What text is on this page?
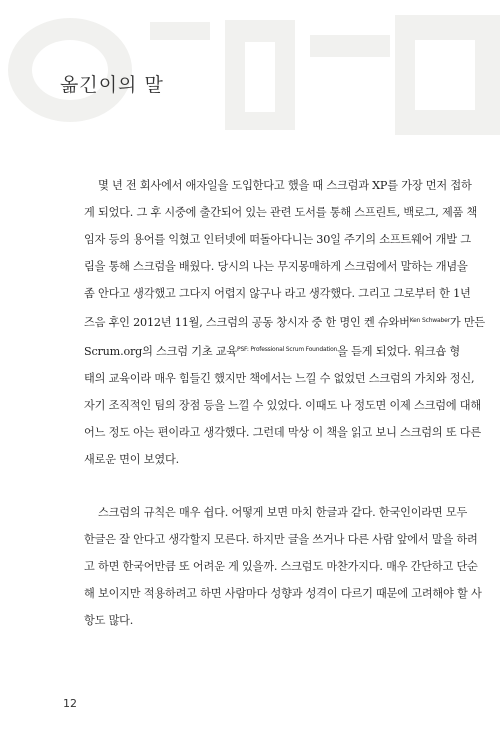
옮긴이의 말

몇 년 전 회사에서 애자일을 도입한다고 했을 때 스크럼과 XP를 가장 먼저 접하
게 되었다. 그 후 시중에 출간되어 있는 관련 도서를 통해 스프린트, 백로그, 제품 책
임자 등의 용어를 익혔고 인터넷에 떠돌아다니는 30일 주기의 소프트웨어 개발 그
림을 통해 스크럼을 배웠다. 당시의 나는 무지몽매하게 스크럼에서 말하는 개념을
좀 안다고 생각했고 그다지 어렵지 않구나 라고 생각했다. 그리고 그로부터 한 1년
즈음 후인 2012년 11월, 스크럼의 공동 창시자 중 한 명인 켄 슈와버$^{Ken Schwaber}$가 만든
Scrum.org의 스크럼 기초 교육$^{PSF: Professional Scrum Foundation}$을 듣게 되었다. 워크숍 형
태의 교육이라 매우 힘들긴 했지만 책에서는 느낄 수 없었던 스크럼의 가치와 정신,
자기 조직적인 팀의 장점 등을 느낄 수 있었다. 이때도 나 정도면 이제 스크럼에 대해
어느 정도 아는 편이라고 생각했다. 그런데 막상 이 책을 읽고 보니 스크럼의 또 다른
새로운 면이 보였다.

스크럼의 규칙은 매우 쉽다. 어떻게 보면 마치 한글과 같다. 한국인이라면 모두
한글은 잘 안다고 생각할지 모른다. 하지만 글을 쓰거나 다른 사람 앞에서 말을 하려
고 하면 한국어만큼 또 어려운 게 있을까. 스크럼도 마찬가지다. 매우 간단하고 단순
해 보이지만 적용하려고 하면 사람마다 성향과 성격이 다르기 때문에 고려해야 할 사
항도 많다.

12
